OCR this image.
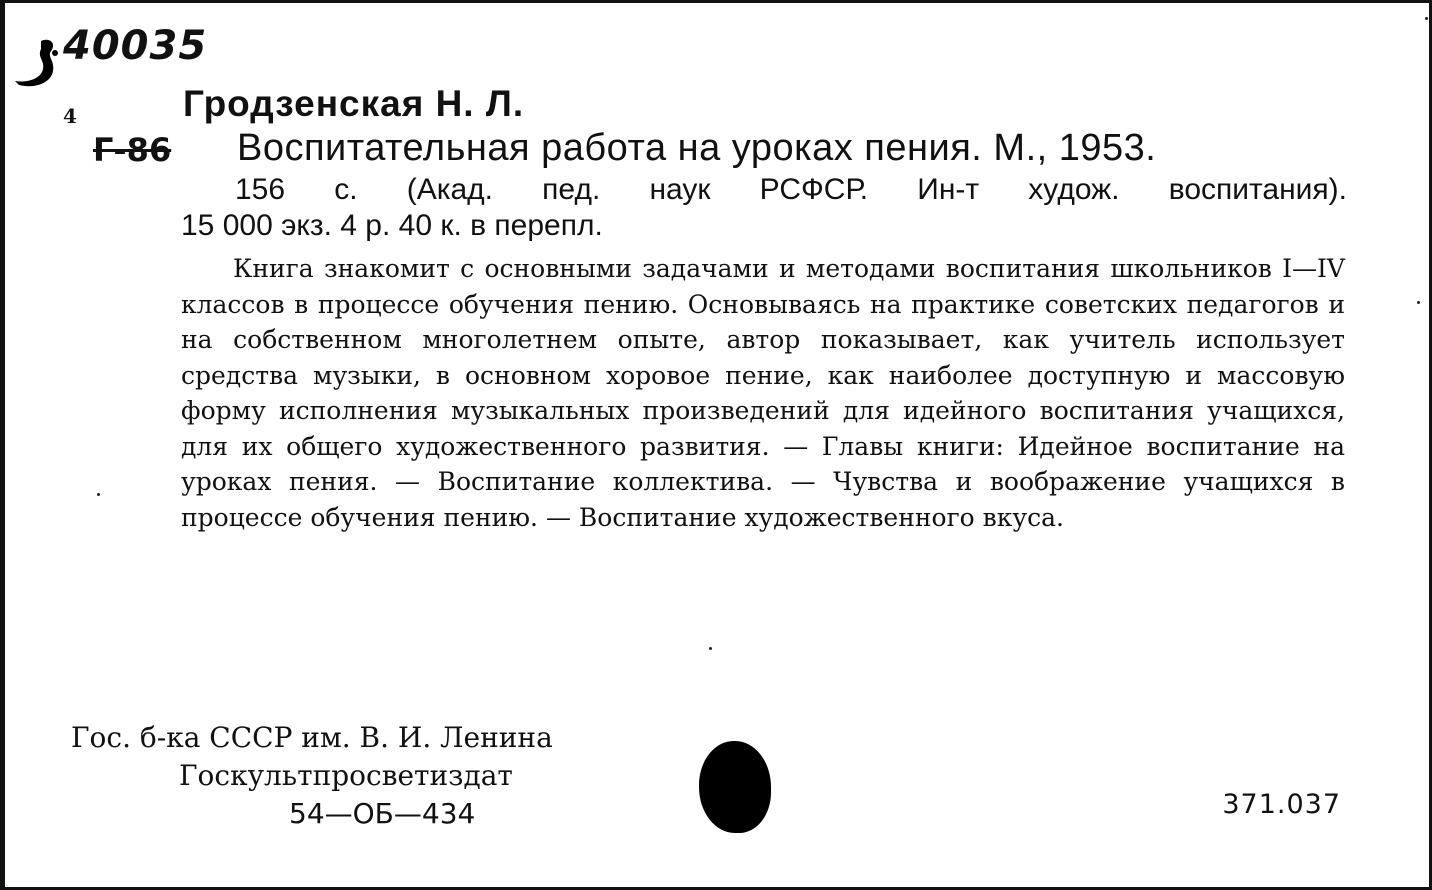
40035
4
Г-86
Гродзенская Н. Л.
Воспитательная работа на уроках пения. М., 1953.
156 с. (Акад. пед. наук РСФСР. Ин-т худож. воспитания).
15 000 экз. 4 р. 40 к. в перепл.
Книга знакомит с основными задачами и методами воспитания школьников I—IV классов в процессе обучения пению. Основываясь на практике советских педагогов и на собственном многолетнем опыте, автор показывает, как учитель использует средства музыки, в основном хоровое пение, как наиболее доступную и массовую форму исполнения музыкальных произведений для идейного воспитания учащихся, для их общего художественного развития. — Главы книги: Идейное воспитание на уроках пения. — Воспитание коллектива. — Чувства и воображение учащихся в процессе обучения пению. — Воспитание художественного вкуса.
Гос. б-ка СССР им. В. И. Ленина
Госкультпросветиздат
54—ОБ—434	371.037
